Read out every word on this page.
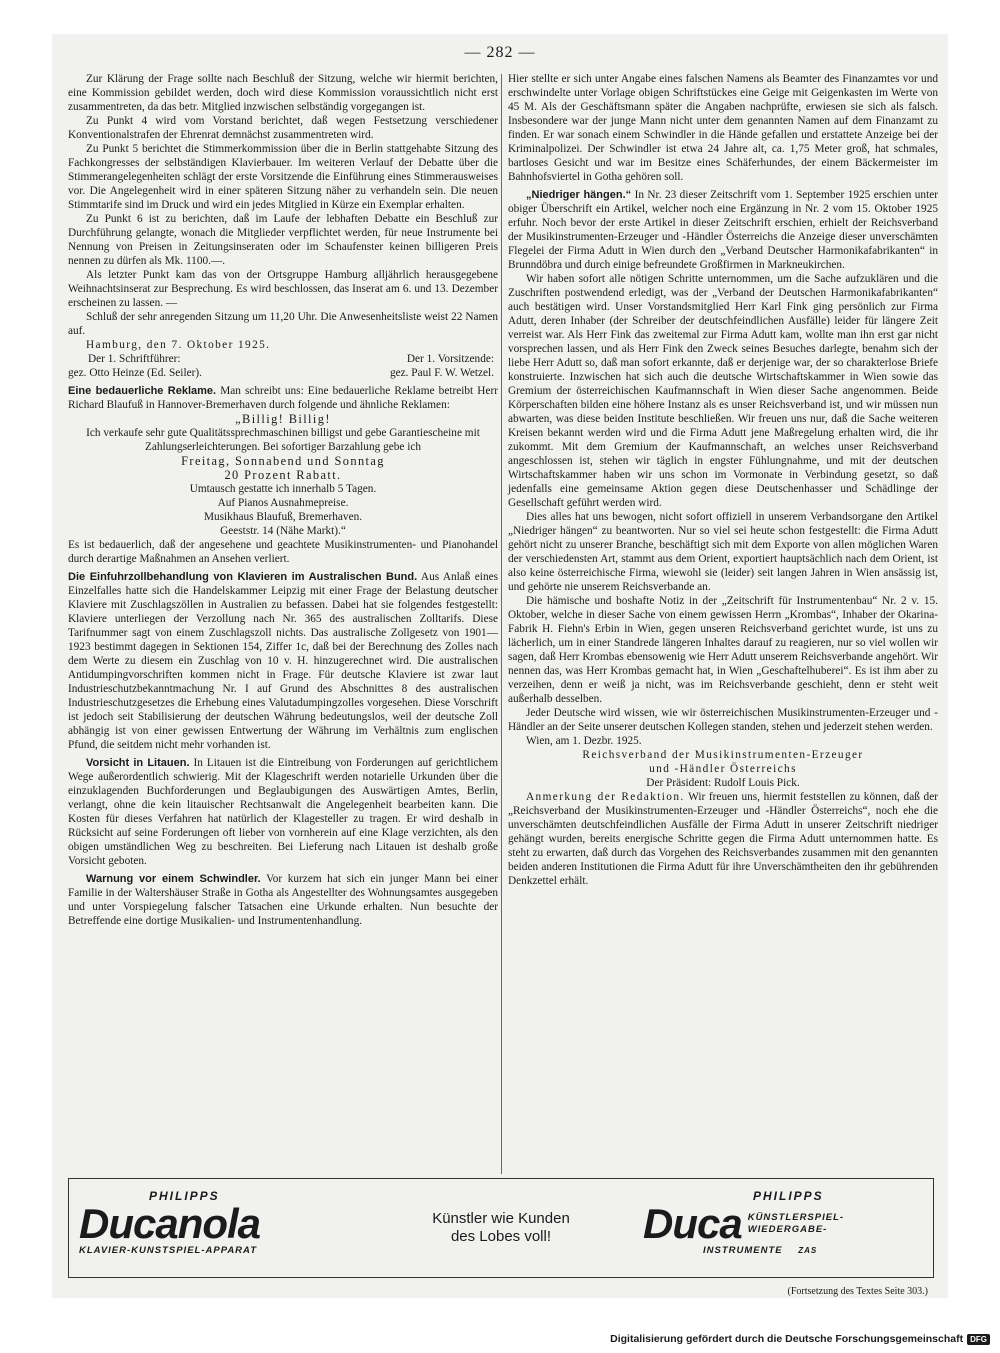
— 282 —

Zur Klärung der Frage sollte nach Beschluß der Sitzung, welche wir hiermit berichten, eine Kommission gebildet werden, doch wird diese Kommission voraussichtlich nicht erst zusammentreten, da das betr. Mitglied inzwischen selbständig vorgegangen ist.

Zu Punkt 4 wird vom Vorstand berichtet, daß wegen Festsetzung verschiedener Konventionalstrafen der Ehrenrat demnächst zusammentreten wird.

Zu Punkt 5 berichtet die Stimmerkommission über die in Berlin stattgehabte Sitzung des Fachkongresses der selbständigen Klavierbauer. Im weiteren Verlauf der Debatte über die Stimmerangelegenheiten schlägt der erste Vorsitzende die Einführung eines Stimmerausweises vor. Die Angelegenheit wird in einer späteren Sitzung näher zu verhandeln sein. Die neuen Stimmtarife sind im Druck und wird ein jedes Mitglied in Kürze ein Exemplar erhalten.

Zu Punkt 6 ist zu berichten, daß im Laufe der lebhaften Debatte ein Beschluß zur Durchführung gelangte, wonach die Mitglieder verpflichtet werden, für neue Instrumente bei Nennung von Preisen in Zeitungsinseraten oder im Schaufenster keinen billigeren Preis nennen zu dürfen als Mk. 1100.—.

Als letzter Punkt kam das von der Ortsgruppe Hamburg alljährlich herausgegebene Weihnachtsinserat zur Besprechung. Es wird beschlossen, das Inserat am 6. und 13. Dezember erscheinen zu lassen. —

Schluß der sehr anregenden Sitzung um 11,20 Uhr. Die Anwesenheitsliste weist 22 Namen auf.

Hamburg, den 7. Oktober 1925.

Der 1. Schriftführer:	Der 1. Vorsitzende:
gez. Otto Heinze (Ed. Seiler).	gez. Paul F. W. Wetzel.

Eine bedauerliche Reklame. Man schreibt uns: Eine bedauerliche Reklame betreibt Herr Richard Blaufuß in Hannover-Bremerhaven durch folgende und ähnliche Reklamen:

„Billig! Billig!

Ich verkaufe sehr gute Qualitätssprechmaschinen billigst und gebe Garantiescheine mit Zahlungserleichterungen. Bei sofortiger Barzahlung gebe ich

Freitag, Sonnabend und Sonntag

20 Prozent Rabatt.

Umtausch gestatte ich innerhalb 5 Tagen.

Auf Pianos Ausnahmepreise.

Musikhaus Blaufuß, Bremerhaven.

Geeststr. 14 (Nähe Markt).“

Es ist bedauerlich, daß der angesehene und geachtete Musikinstrumenten- und Pianohandel durch derartige Maßnahmen an Ansehen verliert.

Die Einfuhrzollbehandlung von Klavieren im Australischen Bund. Aus Anlaß eines Einzelfalles hatte sich die Handelskammer Leipzig mit einer Frage der Belastung deutscher Klaviere mit Zuschlagszöllen in Australien zu befassen. Dabei hat sie folgendes festgestellt: Klaviere unterliegen der Verzollung nach Nr. 365 des australischen Zolltarifs. Diese Tarifnummer sagt von einem Zuschlagszoll nichts. Das australische Zollgesetz von 1901—1923 bestimmt dagegen in Sektionen 154, Ziffer 1c, daß bei der Berechnung des Zolles nach dem Werte zu diesem ein Zuschlag von 10 v. H. hinzugerechnet wird. Die australischen Antidumpingvorschriften kommen nicht in Frage. Für deutsche Klaviere ist zwar laut Industrieschutzbekanntmachung Nr. I auf Grund des Abschnittes 8 des australischen Industrieschutzgesetzes die Erhebung eines Valutadumpingzolles vorgesehen. Diese Vorschrift ist jedoch seit Stabilisierung der deutschen Währung bedeutungslos, weil der deutsche Zoll abhängig ist von einer gewissen Entwertung der Währung im Verhältnis zum englischen Pfund, die seitdem nicht mehr vorhanden ist.

Vorsicht in Litauen. In Litauen ist die Eintreibung von Forderungen auf gerichtlichem Wege außerordentlich schwierig. Mit der Klageschrift werden notarielle Urkunden über die einzuklagenden Buchforderungen und Beglaubigungen des Auswärtigen Amtes, Berlin, verlangt, ohne die kein litauischer Rechtsanwalt die Angelegenheit bearbeiten kann. Die Kosten für dieses Verfahren hat natürlich der Klagesteller zu tragen. Er wird deshalb in Rücksicht auf seine Forderungen oft lieber von vornherein auf eine Klage verzichten, als den obigen umständlichen Weg zu beschreiten. Bei Lieferung nach Litauen ist deshalb große Vorsicht geboten.

Warnung vor einem Schwindler. Vor kurzem hat sich ein junger Mann bei einer Familie in der Waltershäuser Straße in Gotha als Angestellter des Wohnungsamtes ausgegeben und unter Vorspiegelung falscher Tatsachen eine Urkunde erhalten. Nun besuchte der Betreffende eine dortige Musikalien- und Instrumentenhandlung.

Hier stellte er sich unter Angabe eines falschen Namens als Beamter des Finanzamtes vor und erschwindelte unter Vorlage obigen Schriftstückes eine Geige mit Geigenkasten im Werte von 45 M. Als der Geschäftsmann später die Angaben nachprüfte, erwiesen sie sich als falsch. Insbesondere war der junge Mann nicht unter dem genannten Namen auf dem Finanzamt zu finden. Er war sonach einem Schwindler in die Hände gefallen und erstattete Anzeige bei der Kriminalpolizei. Der Schwindler ist etwa 24 Jahre alt, ca. 1,75 Meter groß, hat schmales, bartloses Gesicht und war im Besitze eines Schäferhundes, der einem Bäckermeister im Bahnhofsviertel in Gotha gehören soll.

„Niedriger hängen.“ In Nr. 23 dieser Zeitschrift vom 1. September 1925 erschien unter obiger Überschrift ein Artikel, welcher noch eine Ergänzung in Nr. 2 vom 15. Oktober 1925 erfuhr. Noch bevor der erste Artikel in dieser Zeitschrift erschien, erhielt der Reichsverband der Musikinstrumenten-Erzeuger und -Händler Österreichs die Anzeige dieser unverschämten Flegelei der Firma Adutt in Wien durch den „Verband Deutscher Harmonikafabrikanten“ in Brunndöbra und durch einige befreundete Großfirmen in Markneukirchen.

Wir haben sofort alle nötigen Schritte unternommen, um die Sache aufzuklären und die Zuschriften postwendend erledigt, was der „Verband der Deutschen Harmonikafabrikanten“ auch bestätigen wird. Unser Vorstandsmitglied Herr Karl Fink ging persönlich zur Firma Adutt, deren Inhaber (der Schreiber der deutschfeindlichen Ausfälle) leider für längere Zeit verreist war. Als Herr Fink das zweitemal zur Firma Adutt kam, wollte man ihn erst gar nicht vorsprechen lassen, und als Herr Fink den Zweck seines Besuches darlegte, benahm sich der liebe Herr Adutt so, daß man sofort erkannte, daß er derjenige war, der so charakterlose Briefe konstruierte. Inzwischen hat sich auch die deutsche Wirtschaftskammer in Wien sowie das Gremium der österreichischen Kaufmannschaft in Wien dieser Sache angenommen. Beide Körperschaften bilden eine höhere Instanz als es unser Reichsverband ist, und wir müssen nun abwarten, was diese beiden Institute beschließen. Wir freuen uns nur, daß die Sache weiteren Kreisen bekannt werden wird und die Firma Adutt jene Maßregelung erhalten wird, die ihr zukommt. Mit dem Gremium der Kaufmannschaft, an welches unser Reichsverband angeschlossen ist, stehen wir täglich in engster Fühlungnahme, und mit der deutschen Wirtschaftskammer haben wir uns schon im Vormonate in Verbindung gesetzt, so daß jedenfalls eine gemeinsame Aktion gegen diese Deutschenhasser und Schädlinge der Gesellschaft geführt werden wird.

Dies alles hat uns bewogen, nicht sofort offiziell in unserem Verbandsorgane den Artikel „Niedriger hängen“ zu beantworten. Nur so viel sei heute schon festgestellt: die Firma Adutt gehört nicht zu unserer Branche, beschäftigt sich mit dem Exporte von allen möglichen Waren der verschiedensten Art, stammt aus dem Orient, exportiert hauptsächlich nach dem Orient, ist also keine österreichische Firma, wiewohl sie (leider) seit langen Jahren in Wien ansässig ist, und gehörte nie unserem Reichsverbande an.

Die hämische und boshafte Notiz in der „Zeitschrift für Instrumentenbau“ Nr. 2 v. 15. Oktober, welche in dieser Sache von einem gewissen Herrn „Krombas“, Inhaber der Okarina-Fabrik H. Fiehn's Erbin in Wien, gegen unseren Reichsverband gerichtet wurde, ist uns zu lächerlich, um in einer Standrede längeren Inhaltes darauf zu reagieren, nur so viel wollen wir sagen, daß Herr Krombas ebensowenig wie Herr Adutt unserem Reichsverbande angehört. Wir nennen das, was Herr Krombas gemacht hat, in Wien „Geschaftelhuberei“. Es ist ihm aber zu verzeihen, denn er weiß ja nicht, was im Reichsverbande geschieht, denn er steht weit außerhalb desselben.

Jeder Deutsche wird wissen, wie wir österreichischen Musikinstrumenten-Erzeuger und -Händler an der Seite unserer deutschen Kollegen standen, stehen und jederzeit stehen werden.

Wien, am 1. Dezbr. 1925.

Reichsverband der Musikinstrumenten-Erzeuger

und -Händler Österreichs

Der Präsident: Rudolf Louis Pick.

Anmerkung der Redaktion. Wir freuen uns, hiermit feststellen zu können, daß der „Reichsverband der Musikinstrumenten-Erzeuger und -Händler Österreichs“, noch ehe die unverschämten deutschfeindlichen Ausfälle der Firma Adutt in unserer Zeitschrift niedriger gehängt wurden, bereits energische Schritte gegen die Firma Adutt unternommen hatte. Es steht zu erwarten, daß durch das Vorgehen des Reichsverbandes zusammen mit den genannten beiden anderen Institutionen die Firma Adutt für ihre Unverschämtheiten den ihr gebührenden Denkzettel erhält.

PHILIPPS
Ducanola
KLAVIER-KUNSTSPIEL-APPARAT
Künstler wie Kunden
des Lobes voll!
PHILIPPS
Duca KÜNSTLERSPIEL-
WIEDERGABE-
INSTRUMENTE ZAS
(Fortsetzung des Textes Seite 303.)
Digitalisierung gefördert durch die Deutsche Forschungsgemeinschaft DFG
